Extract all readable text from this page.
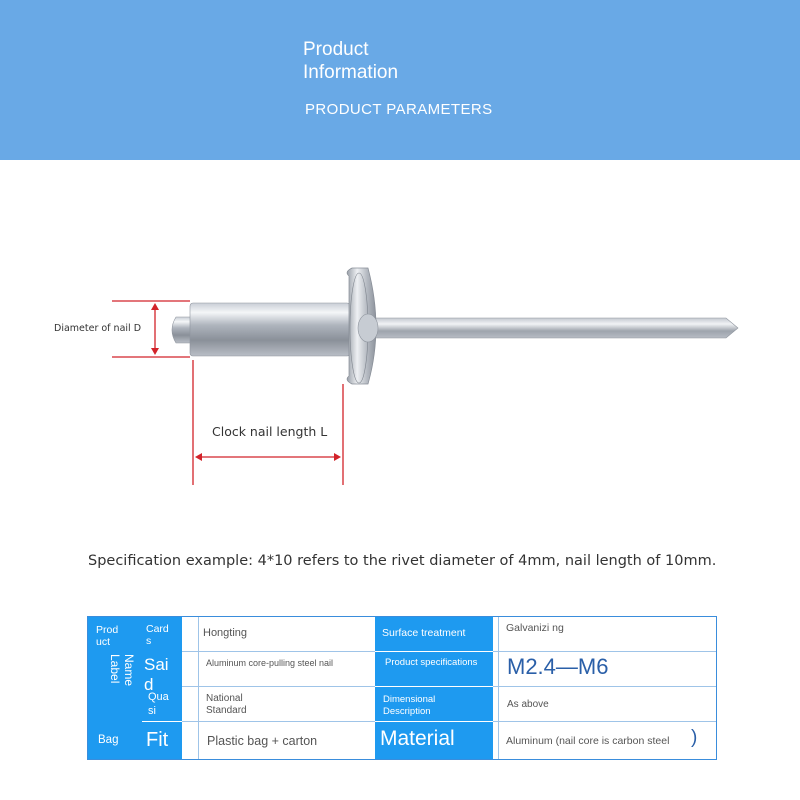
Product Information
PRODUCT PARAMETERS
Diameter of nail D
Clock nail length L
Specification example: 4*10 refers to the rivet diameter of 4mm, nail length of 10mm.
Prod uct
Name Label
Bag
Card s
Sai d
Qua si
Fit
Hongting
Aluminum core-pulling steel nail
National Standard
Plastic bag + carton
Surface treatment
Product specifications
Dimensional Description
Material
Galvanizi ng
M2.4—M6
As above
Aluminum (nail core is carbon steel )
